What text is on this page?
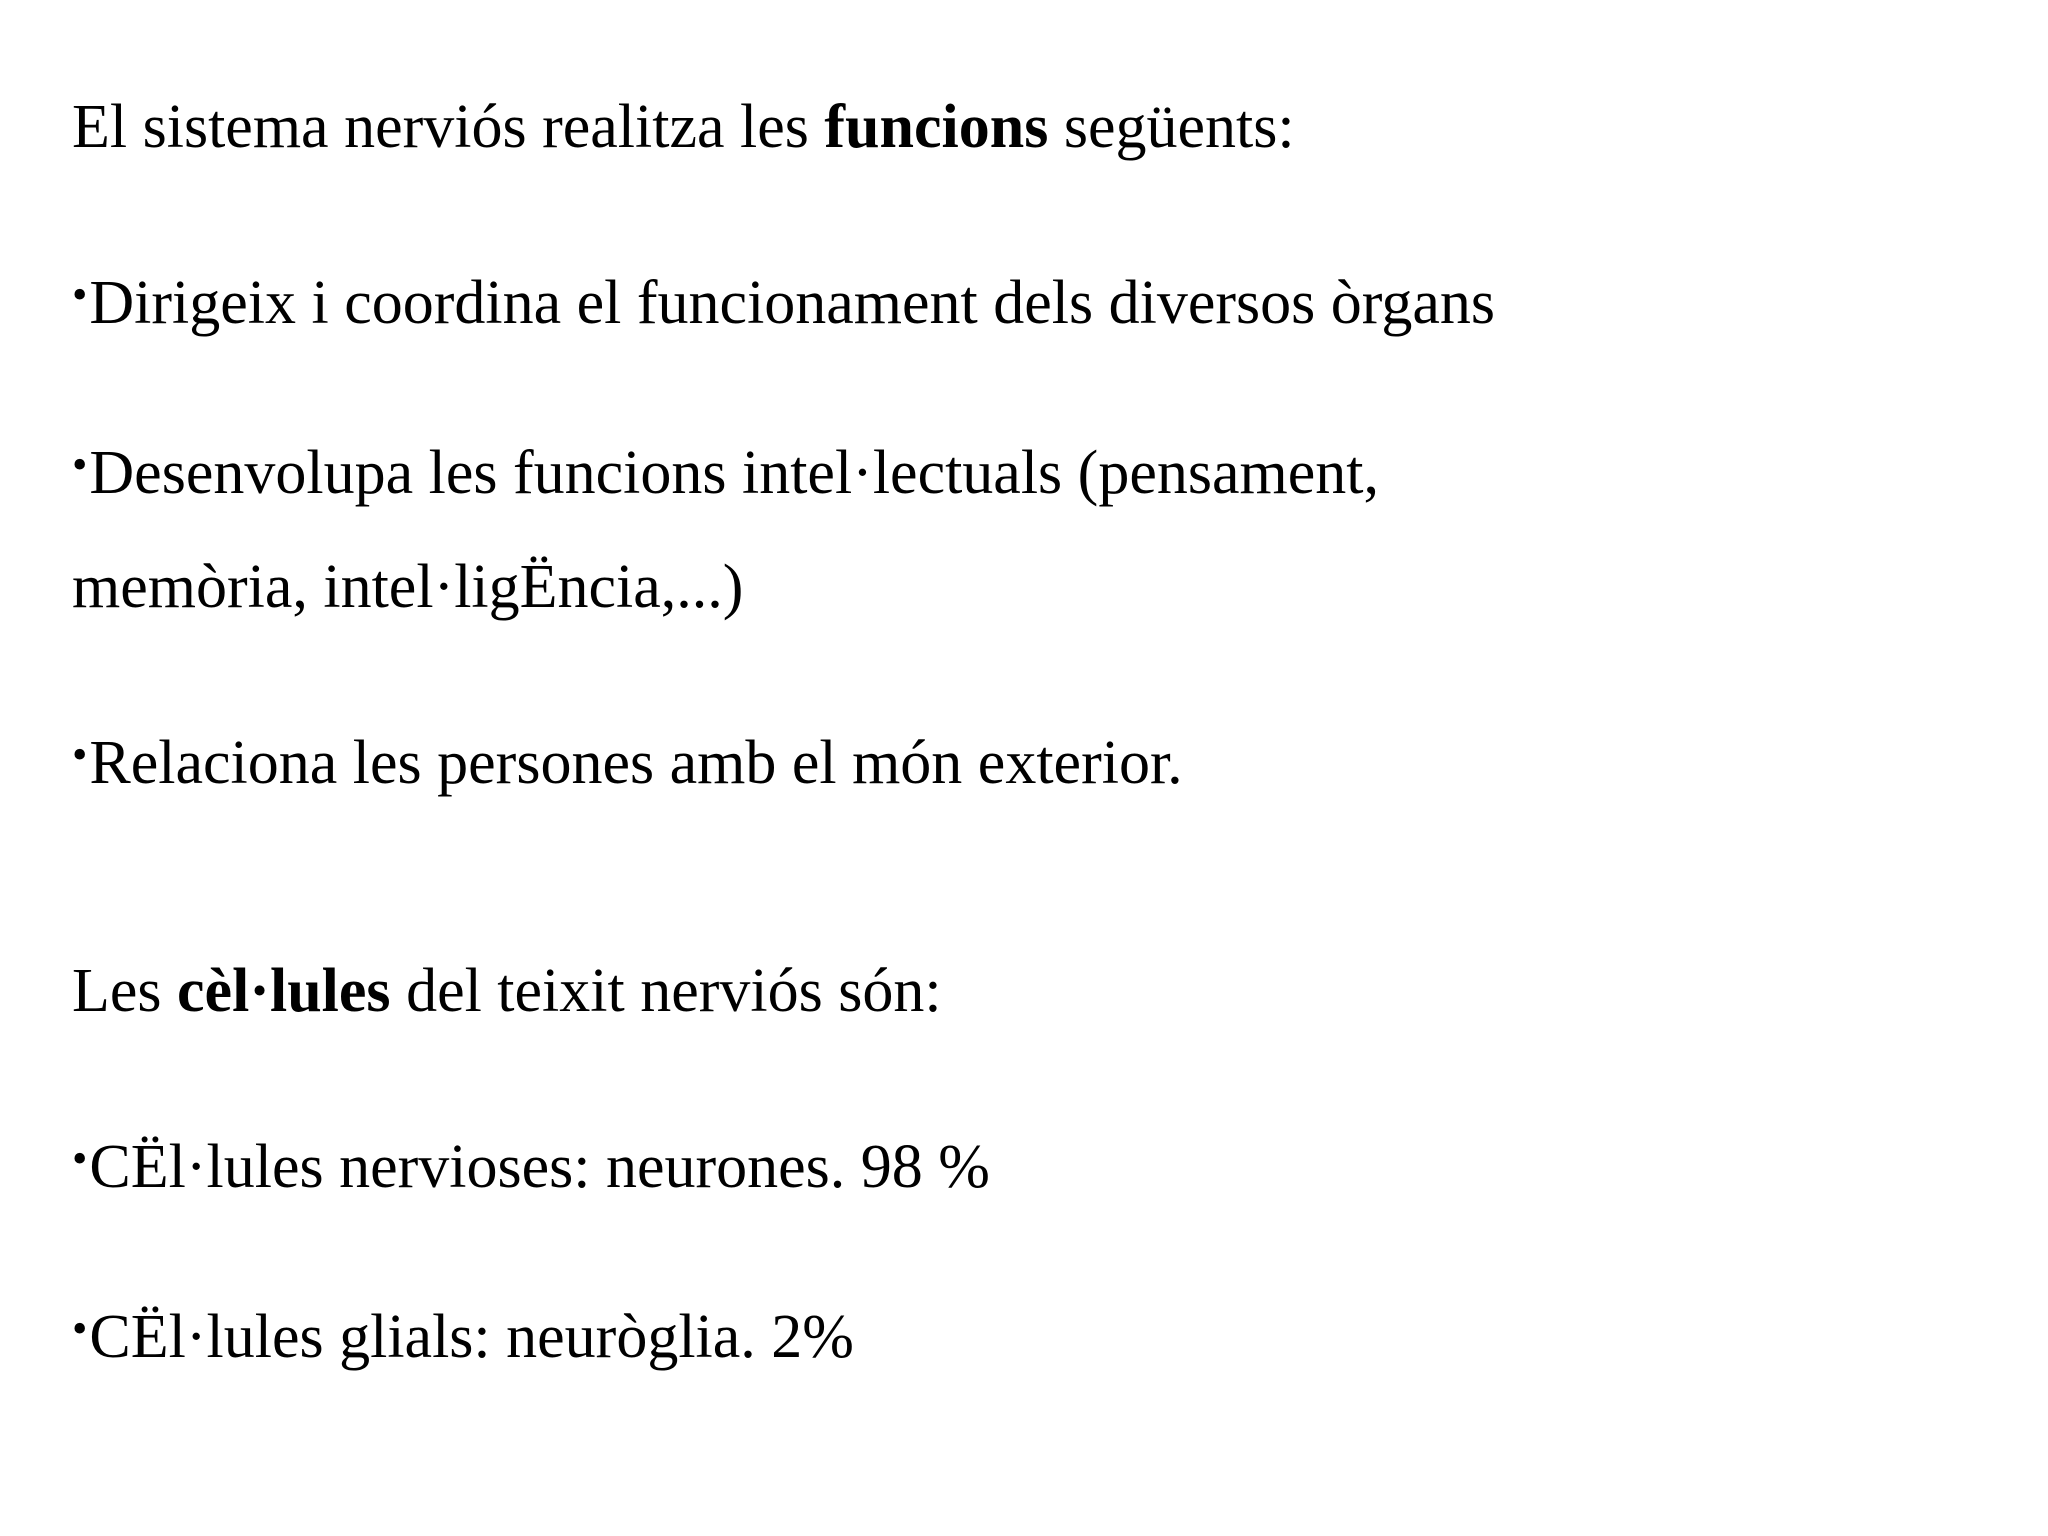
El sistema nerviós realitza les funcions següents:
•Dirigeix i coordina el funcionament dels diversos òrgans
•Desenvolupa les funcions intel·lectuals (pensament,
memòria, intel·ligËncia,...)
•Relaciona les persones amb el món exterior.
Les cèl·lules del teixit nerviós són:
•CËl·lules nervioses: neurones. 98 %
•CËl·lules glials: neuròglia. 2%
